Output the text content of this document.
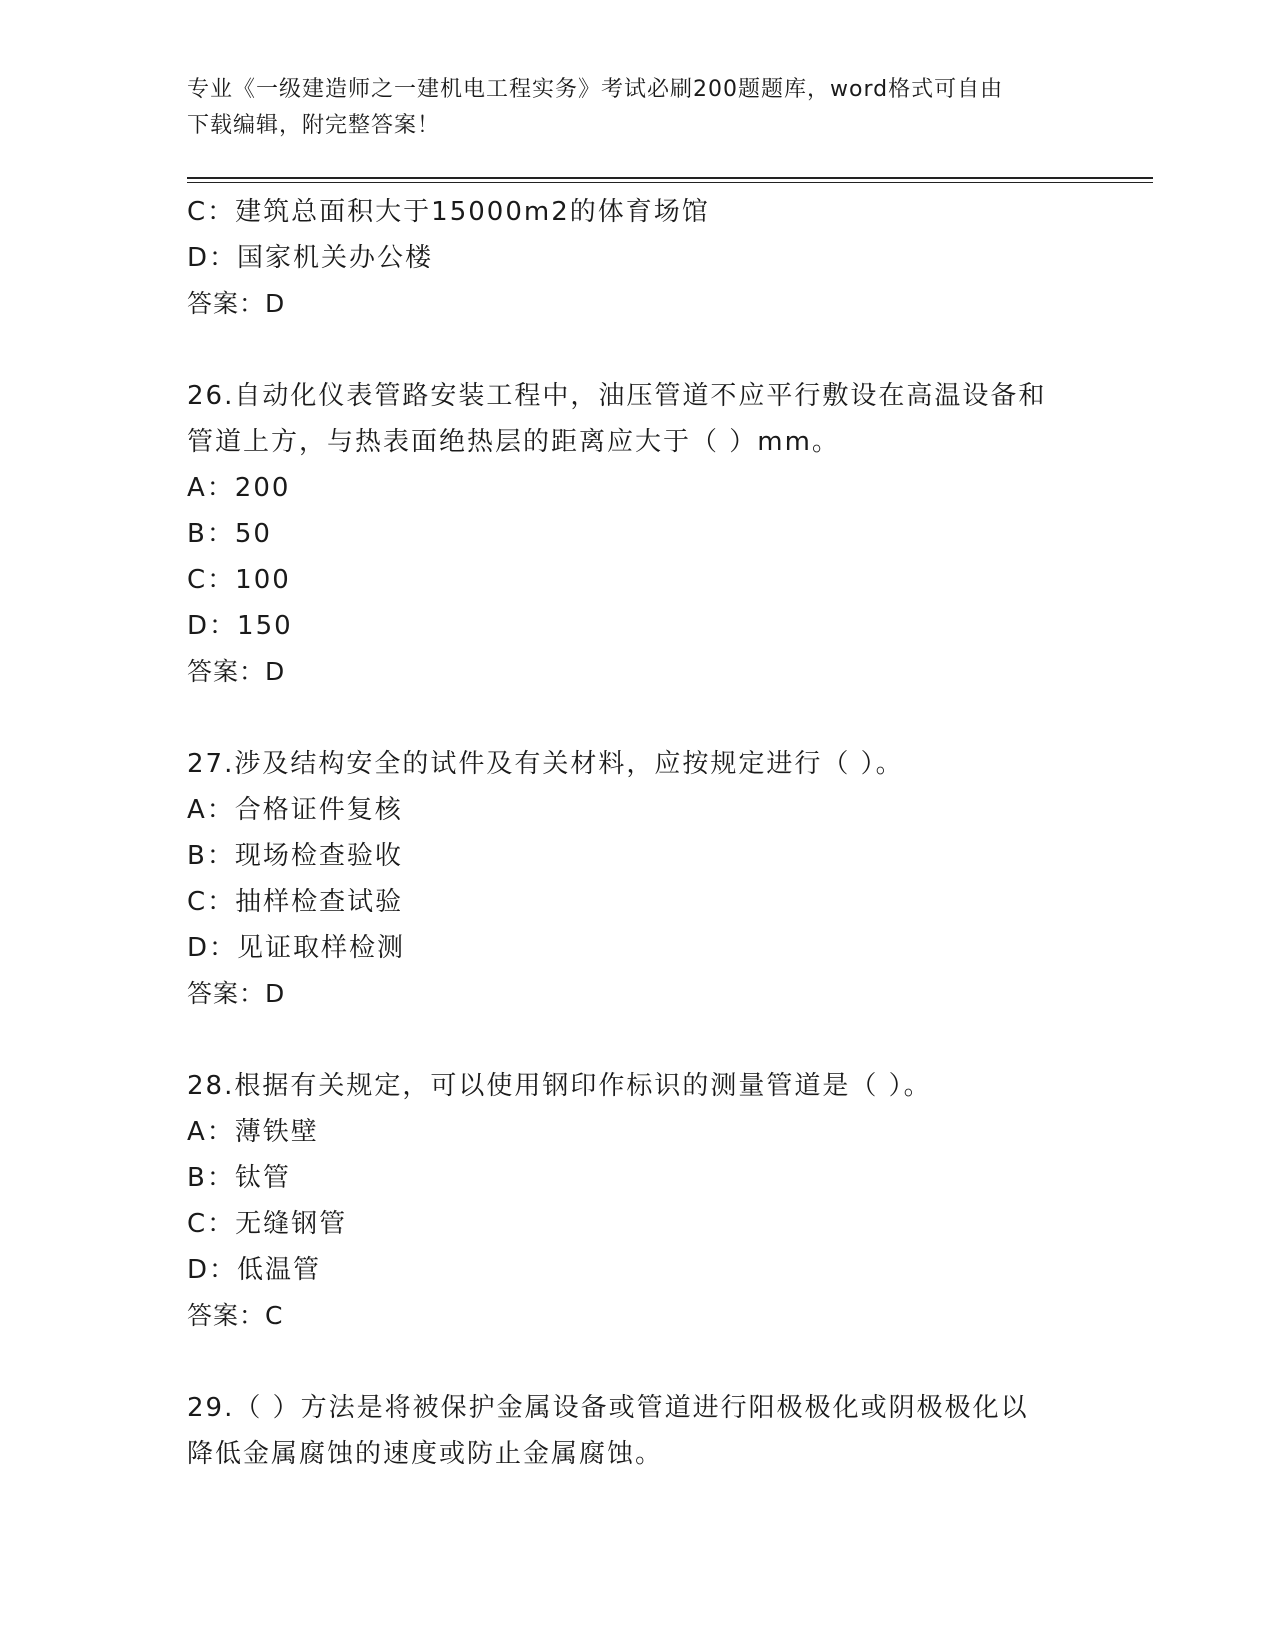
专业《一级建造师之一建机电工程实务》考试必刷200题题库，word格式可自由
下载编辑，附完整答案！
C：建筑总面积大于15000m2的体育场馆
D：国家机关办公楼
答案：D
26.自动化仪表管路安装工程中，油压管道不应平行敷设在高温设备和
管道上方，与热表面绝热层的距离应大于（ ）mm。
A：200
B：50
C：100
D：150
答案：D
27.涉及结构安全的试件及有关材料，应按规定进行（ ）。
A：合格证件复核
B：现场检查验收
C：抽样检查试验
D：见证取样检测
答案：D
28.根据有关规定，可以使用钢印作标识的测量管道是（ ）。
A：薄铁壁
B：钛管
C：无缝钢管
D：低温管
答案：C
29.（ ）方法是将被保护金属设备或管道进行阳极极化或阴极极化以
降低金属腐蚀的速度或防止金属腐蚀。
